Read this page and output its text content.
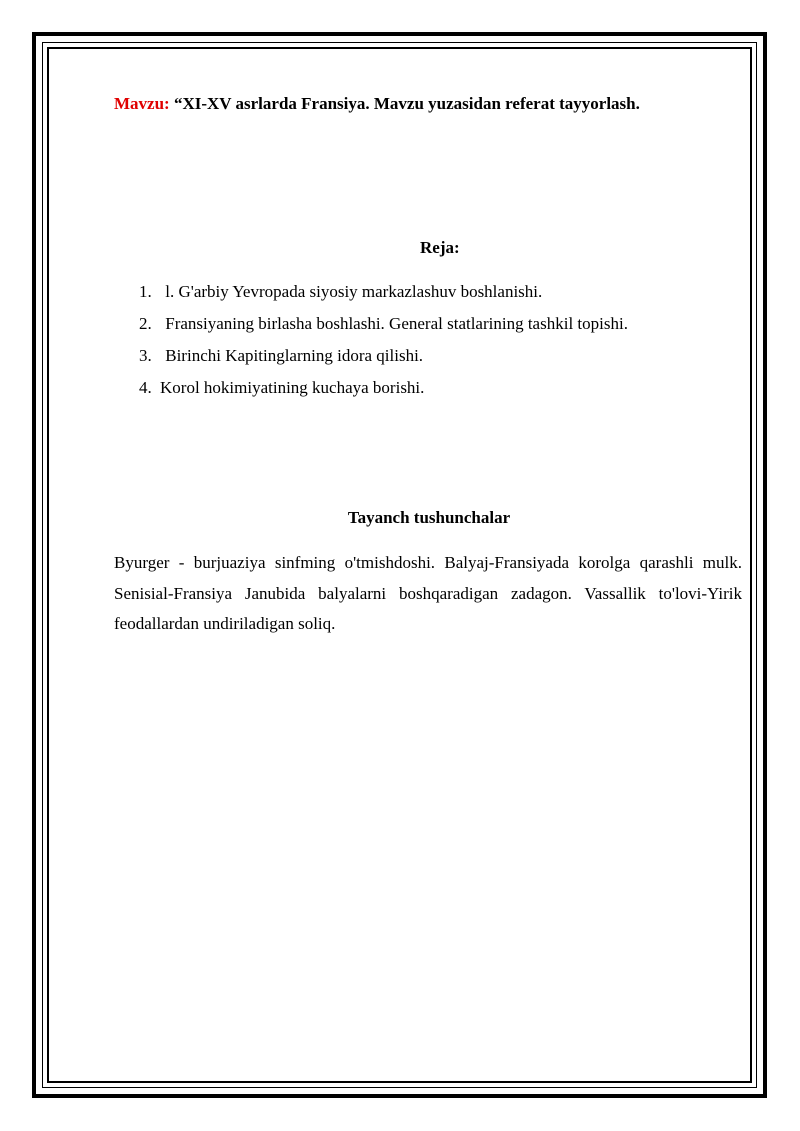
Mavzu: “XI-XV asrlarda Fransiya. Mavzu yuzasidan referat tayyorlash.
Reja:
1. l. G'arbiy Yevropada siyosiy markazlashuv boshlanishi.
2. Fransiyaning birlasha boshlashi. General statlarining tashkil topishi.
3. Birinchi Kapitinglarning idora qilishi.
4. Korol hokimiyatining kuchaya borishi.
Tayanch tushunchalar

Byurger - burjuaziya sinfming o'tmishdoshi. Balyaj-Fransiyada korolga qarashli mulk. Senisial-Fransiya Janubida balyalarni boshqaradigan zadagon. Vassallik to'lovi-Yirik feodallardan undiriladigan soliq.
